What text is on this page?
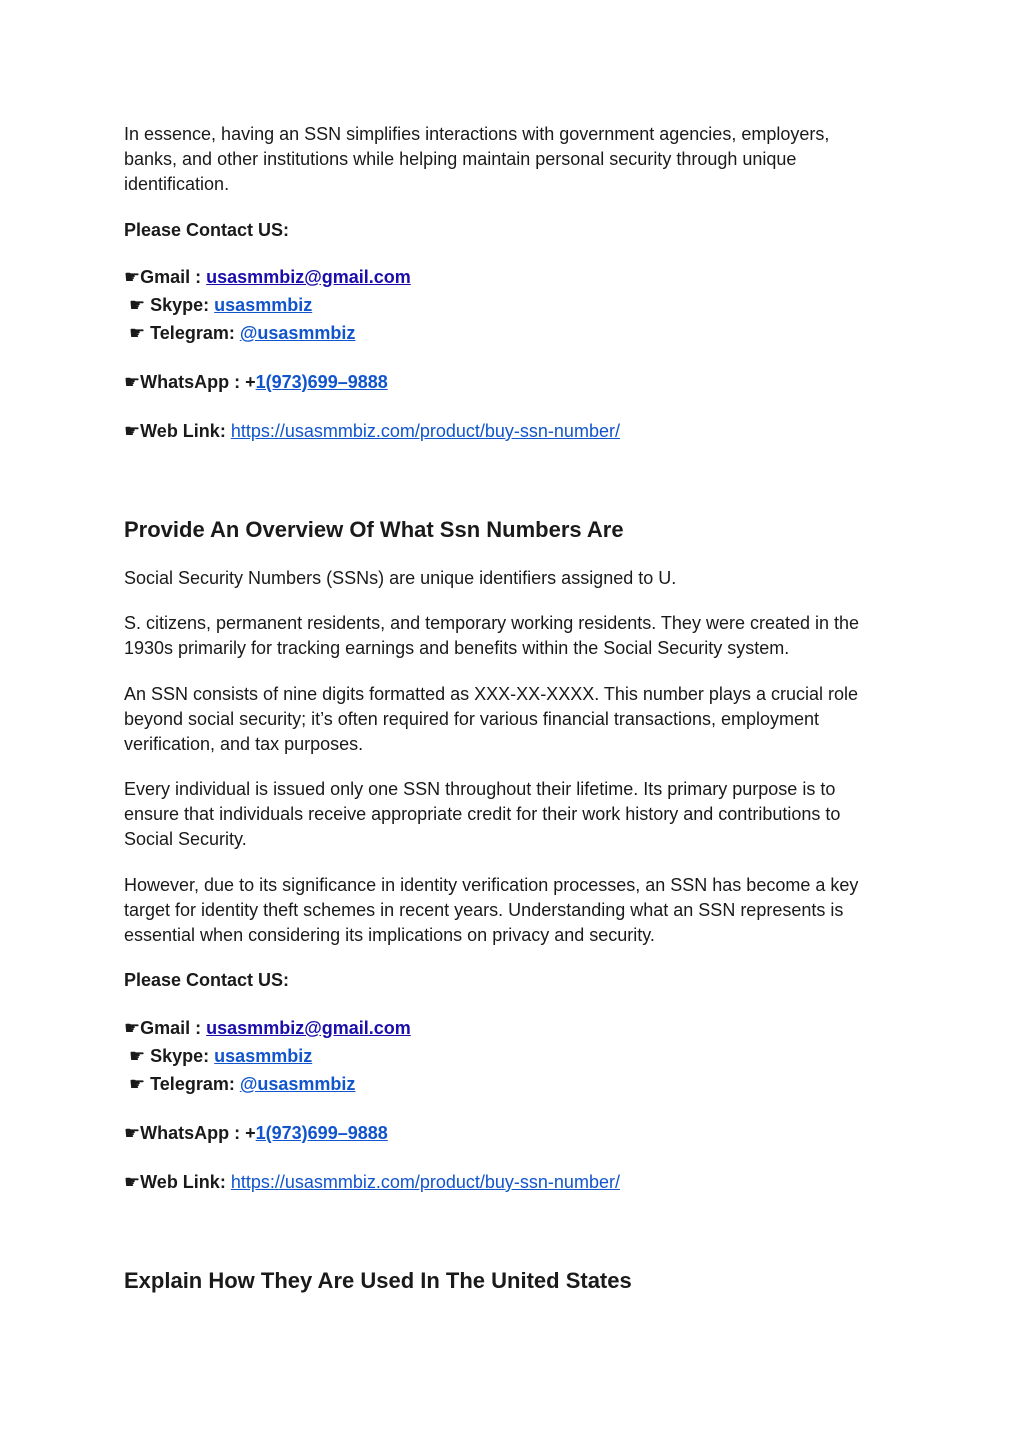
In essence, having an SSN simplifies interactions with government agencies, employers,
banks, and other institutions while helping maintain personal security through unique
identification.

Please Contact US:

☛Gmail : usasmmbiz@gmail.com

☛ Skype: usasmmbiz

☛ Telegram: @usasmmbiz

☛WhatsApp : +1(973)699–9888

☛Web Link: https://usasmmbiz.com/product/buy-ssn-number/

Provide An Overview Of What Ssn Numbers Are

Social Security Numbers (SSNs) are unique identifiers assigned to U.

S. citizens, permanent residents, and temporary working residents. They were created in the
1930s primarily for tracking earnings and benefits within the Social Security system.

An SSN consists of nine digits formatted as XXX-XX-XXXX. This number plays a crucial role
beyond social security; it’s often required for various financial transactions, employment
verification, and tax purposes.

Every individual is issued only one SSN throughout their lifetime. Its primary purpose is to
ensure that individuals receive appropriate credit for their work history and contributions to
Social Security.

However, due to its significance in identity verification processes, an SSN has become a key
target for identity theft schemes in recent years. Understanding what an SSN represents is
essential when considering its implications on privacy and security.

Please Contact US:

☛Gmail : usasmmbiz@gmail.com

☛ Skype: usasmmbiz

☛ Telegram: @usasmmbiz

☛WhatsApp : +1(973)699–9888

☛Web Link: https://usasmmbiz.com/product/buy-ssn-number/

Explain How They Are Used In The United States
